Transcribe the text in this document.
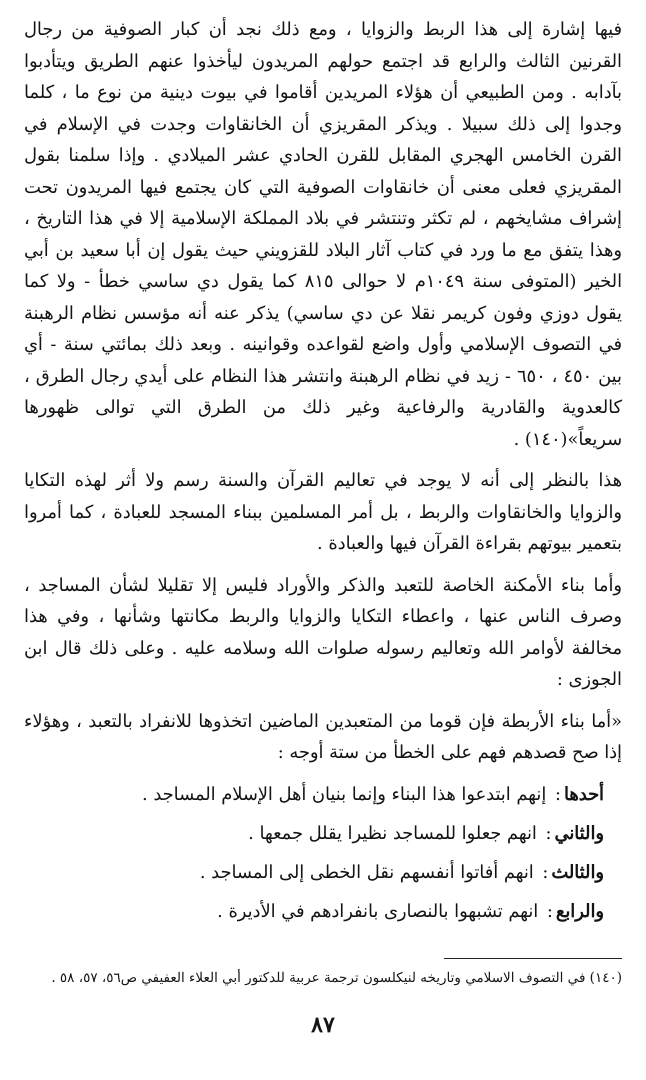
فيها إشارة إلى هذا الربط والزوايا ، ومع ذلك نجد أن كبار الصوفية من رجال القرنين الثالث والرابع قد اجتمع حولهم المريدون ليأخذوا عنهم الطريق ويتأدبوا بآدابه . ومن الطبيعي أن هؤلاء المريدين أقاموا في بيوت دينية من نوع ما ، كلما وجدوا إلى ذلك سبيلا . ويذكر المقريزي أن الخانقاوات وجدت في الإسلام في القرن الخامس الهجري المقابل للقرن الحادي عشر الميلادي . وإذا سلمنا بقول المقريزي فعلى معنى أن خانقاوات الصوفية التي كان يجتمع فيها المريدون تحت إشراف مشايخهم ، لم تكثر وتنتشر في بلاد المملكة الإسلامية إلا في هذا التاريخ ، وهذا يتفق مع ما ورد في كتاب آثار البلاد للقزويني حيث يقول إن أبا سعيد بن أبي الخير (المتوفى سنة ١٠٤٩م لا حوالى ٨١٥ كما يقول دي ساسي خطأ - ولا كما يقول دوزي وفون كريمر نقلا عن دي ساسي) يذكر عنه أنه مؤسس نظام الرهبنة في التصوف الإسلامي وأول واضع لقواعده وقوانينه . وبعد ذلك بمائتي سنة - أي بين ٤٥٠ ، ٦٥٠ - زيد في نظام الرهبنة وانتشر هذا النظام على أيدي رجال الطرق ، كالعدوية والقادرية والرفاعية وغير ذلك من الطرق التي توالى ظهورها سريعاً»(١٤٠) .

هذا بالنظر إلى أنه لا يوجد في تعاليم القرآن والسنة رسم ولا أثر لهذه التكايا والزوايا والخانقاوات والربط ، بل أمر المسلمين ببناء المسجد للعبادة ، كما أمروا بتعمير بيوتهم بقراءة القرآن فيها والعبادة .

وأما بناء الأمكنة الخاصة للتعبد والذكر والأوراد فليس إلا تقليلا لشأن المساجد ، وصرف الناس عنها ، واعطاء التكايا والزوايا والربط مكانتها وشأنها ، وفي هذا مخالفة لأوامر الله وتعاليم رسوله صلوات الله وسلامه عليه . وعلى ذلك قال ابن الجوزى :

«أما بناء الأربطة فإن قوما من المتعبدين الماضين اتخذوها للانفراد بالتعبد ، وهؤلاء إذا صح قصدهم فهم على الخطأ من ستة أوجه :

أحدها: إنهم ابتدعوا هذا البناء وإنما بنيان أهل الإسلام المساجد .
والثاني: انهم جعلوا للمساجد نظيرا يقلل جمعها .
والثالث: انهم أفاتوا أنفسهم نقل الخطى إلى المساجد .
والرابع: انهم تشبهوا بالنصارى بانفرادهم في الأديرة .
(١٤٠) في التصوف الاسلامي وتاريخه لنيكلسون ترجمة عربية للدكتور أبي العلاء العفيفي ص٥٦، ٥٧، ٥٨ .
٨٧
